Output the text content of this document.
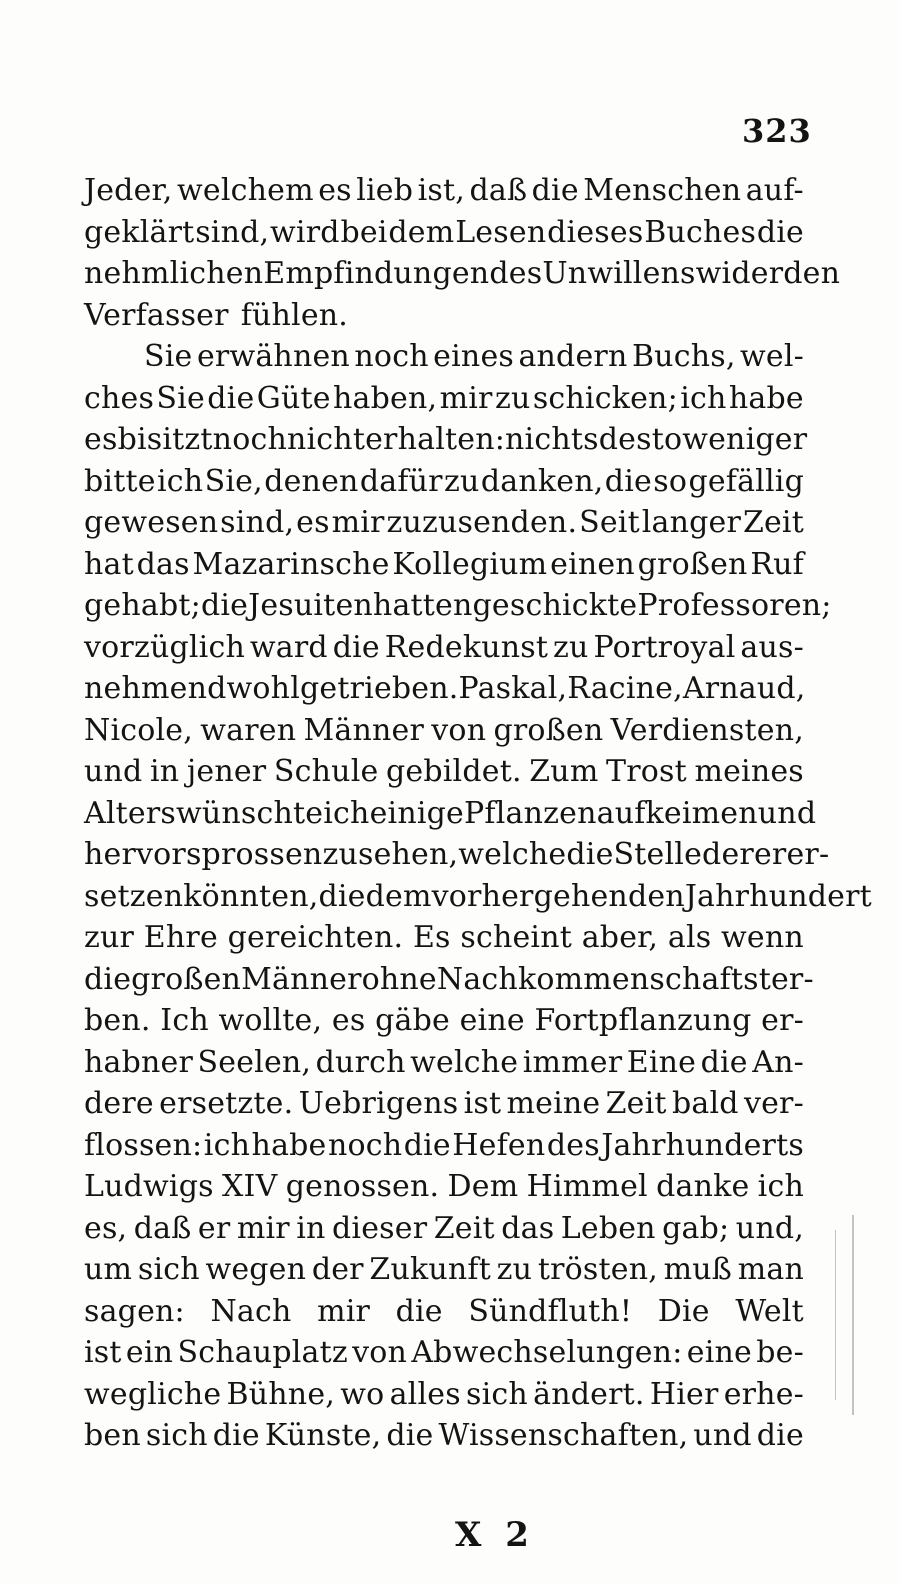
323
Jeder, welchem es lieb ist, daß die Menschen auf-
geklärt sind, wird bei dem Lesen dieses Buches die
nehmlichen Empfindungen des Unwillens wider den
Verfasser fühlen.
Sie erwähnen noch eines andern Buchs, wel-
ches Sie die Güte haben, mir zu schicken; ich habe
es bis itzt noch nicht erhalten: nichts desto weniger
bitte ich Sie, denen dafür zu danken, die so gefällig
gewesen sind, es mir zuzusenden. Seit langer Zeit
hat das Mazarinsche Kollegium einen großen Ruf
gehabt; die Jesuiten hatten geschickte Professoren;
vorzüglich ward die Redekunst zu Portroyal aus-
nehmend wohl getrieben. Paskal, Racine, Arnaud,
Nicole, waren Männer von großen Verdiensten,
und in jener Schule gebildet. Zum Trost meines
Alters wünschte ich einige Pflanzen aufkeimen und
hervorsprossen zu sehen, welche die Stelle derer er-
setzen könnten, die dem vorhergehenden Jahrhundert
zur Ehre gereichten. Es scheint aber, als wenn
die großen Männer ohne Nachkommenschaft ster-
ben. Ich wollte, es gäbe eine Fortpflanzung er-
habner Seelen, durch welche immer Eine die An-
dere ersetzte. Uebrigens ist meine Zeit bald ver-
flossen: ich habe noch die Hefen des Jahrhunderts
Ludwigs XIV genossen. Dem Himmel danke ich
es, daß er mir in dieser Zeit das Leben gab; und,
um sich wegen der Zukunft zu trösten, muß man
sagen: Nach mir die Sündfluth! Die Welt
ist ein Schauplatz von Abwechselungen: eine be-
wegliche Bühne, wo alles sich ändert. Hier erhe-
ben sich die Künste, die Wissenschaften, und die
X 2
